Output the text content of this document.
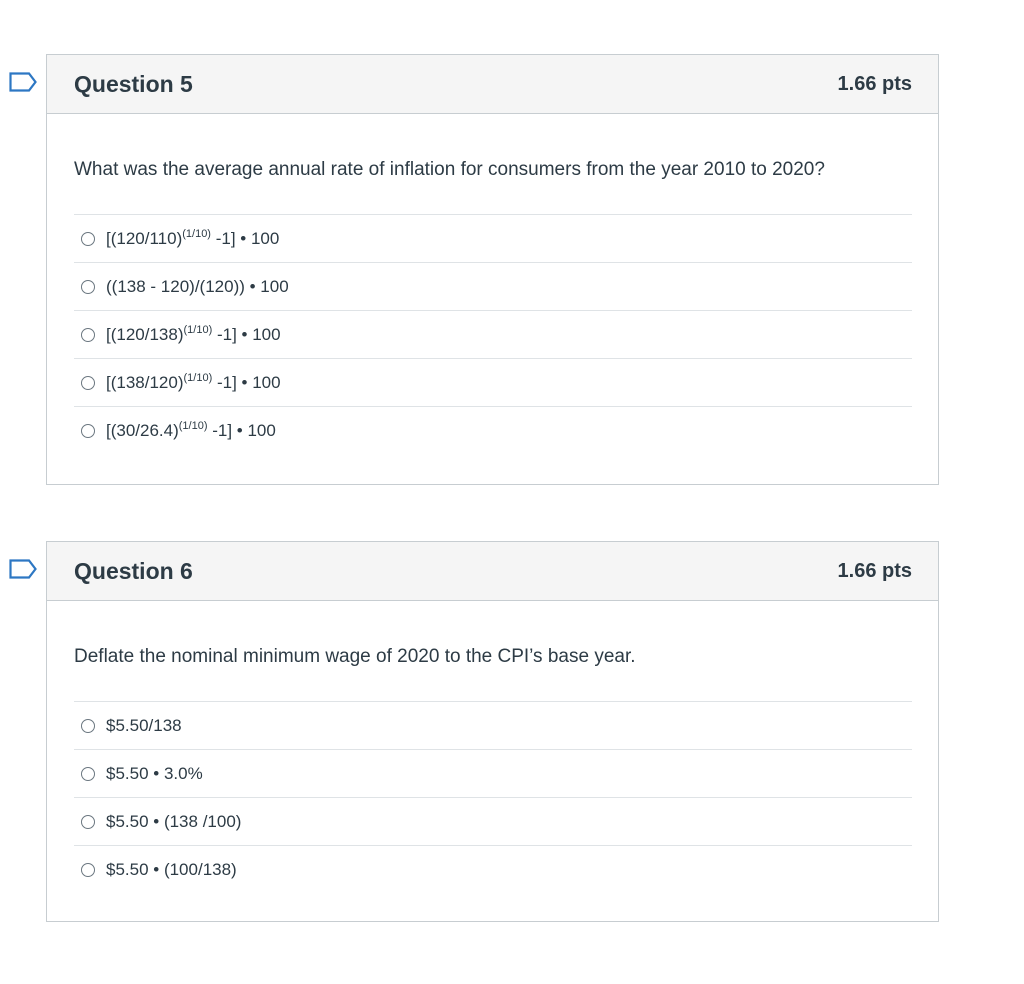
Question 5	1.66 pts
What was the average annual rate of inflation for consumers from the year 2010 to 2020?
[$(120/110)^{(1/10)}$ -1] • 100
((138 - 120)/(120)) • 100
[$(120/138)^{(1/10)}$ -1] • 100
[$(138/120)^{(1/10)}$ -1] • 100
[$(30/26.4)^{(1/10)}$ -1] • 100
Question 6	1.66 pts
Deflate the nominal minimum wage of 2020 to the CPI’s base year.
$5.50/138
$5.50 • 3.0%
$5.50 • (138 /100)
$5.50 • (100/138)
